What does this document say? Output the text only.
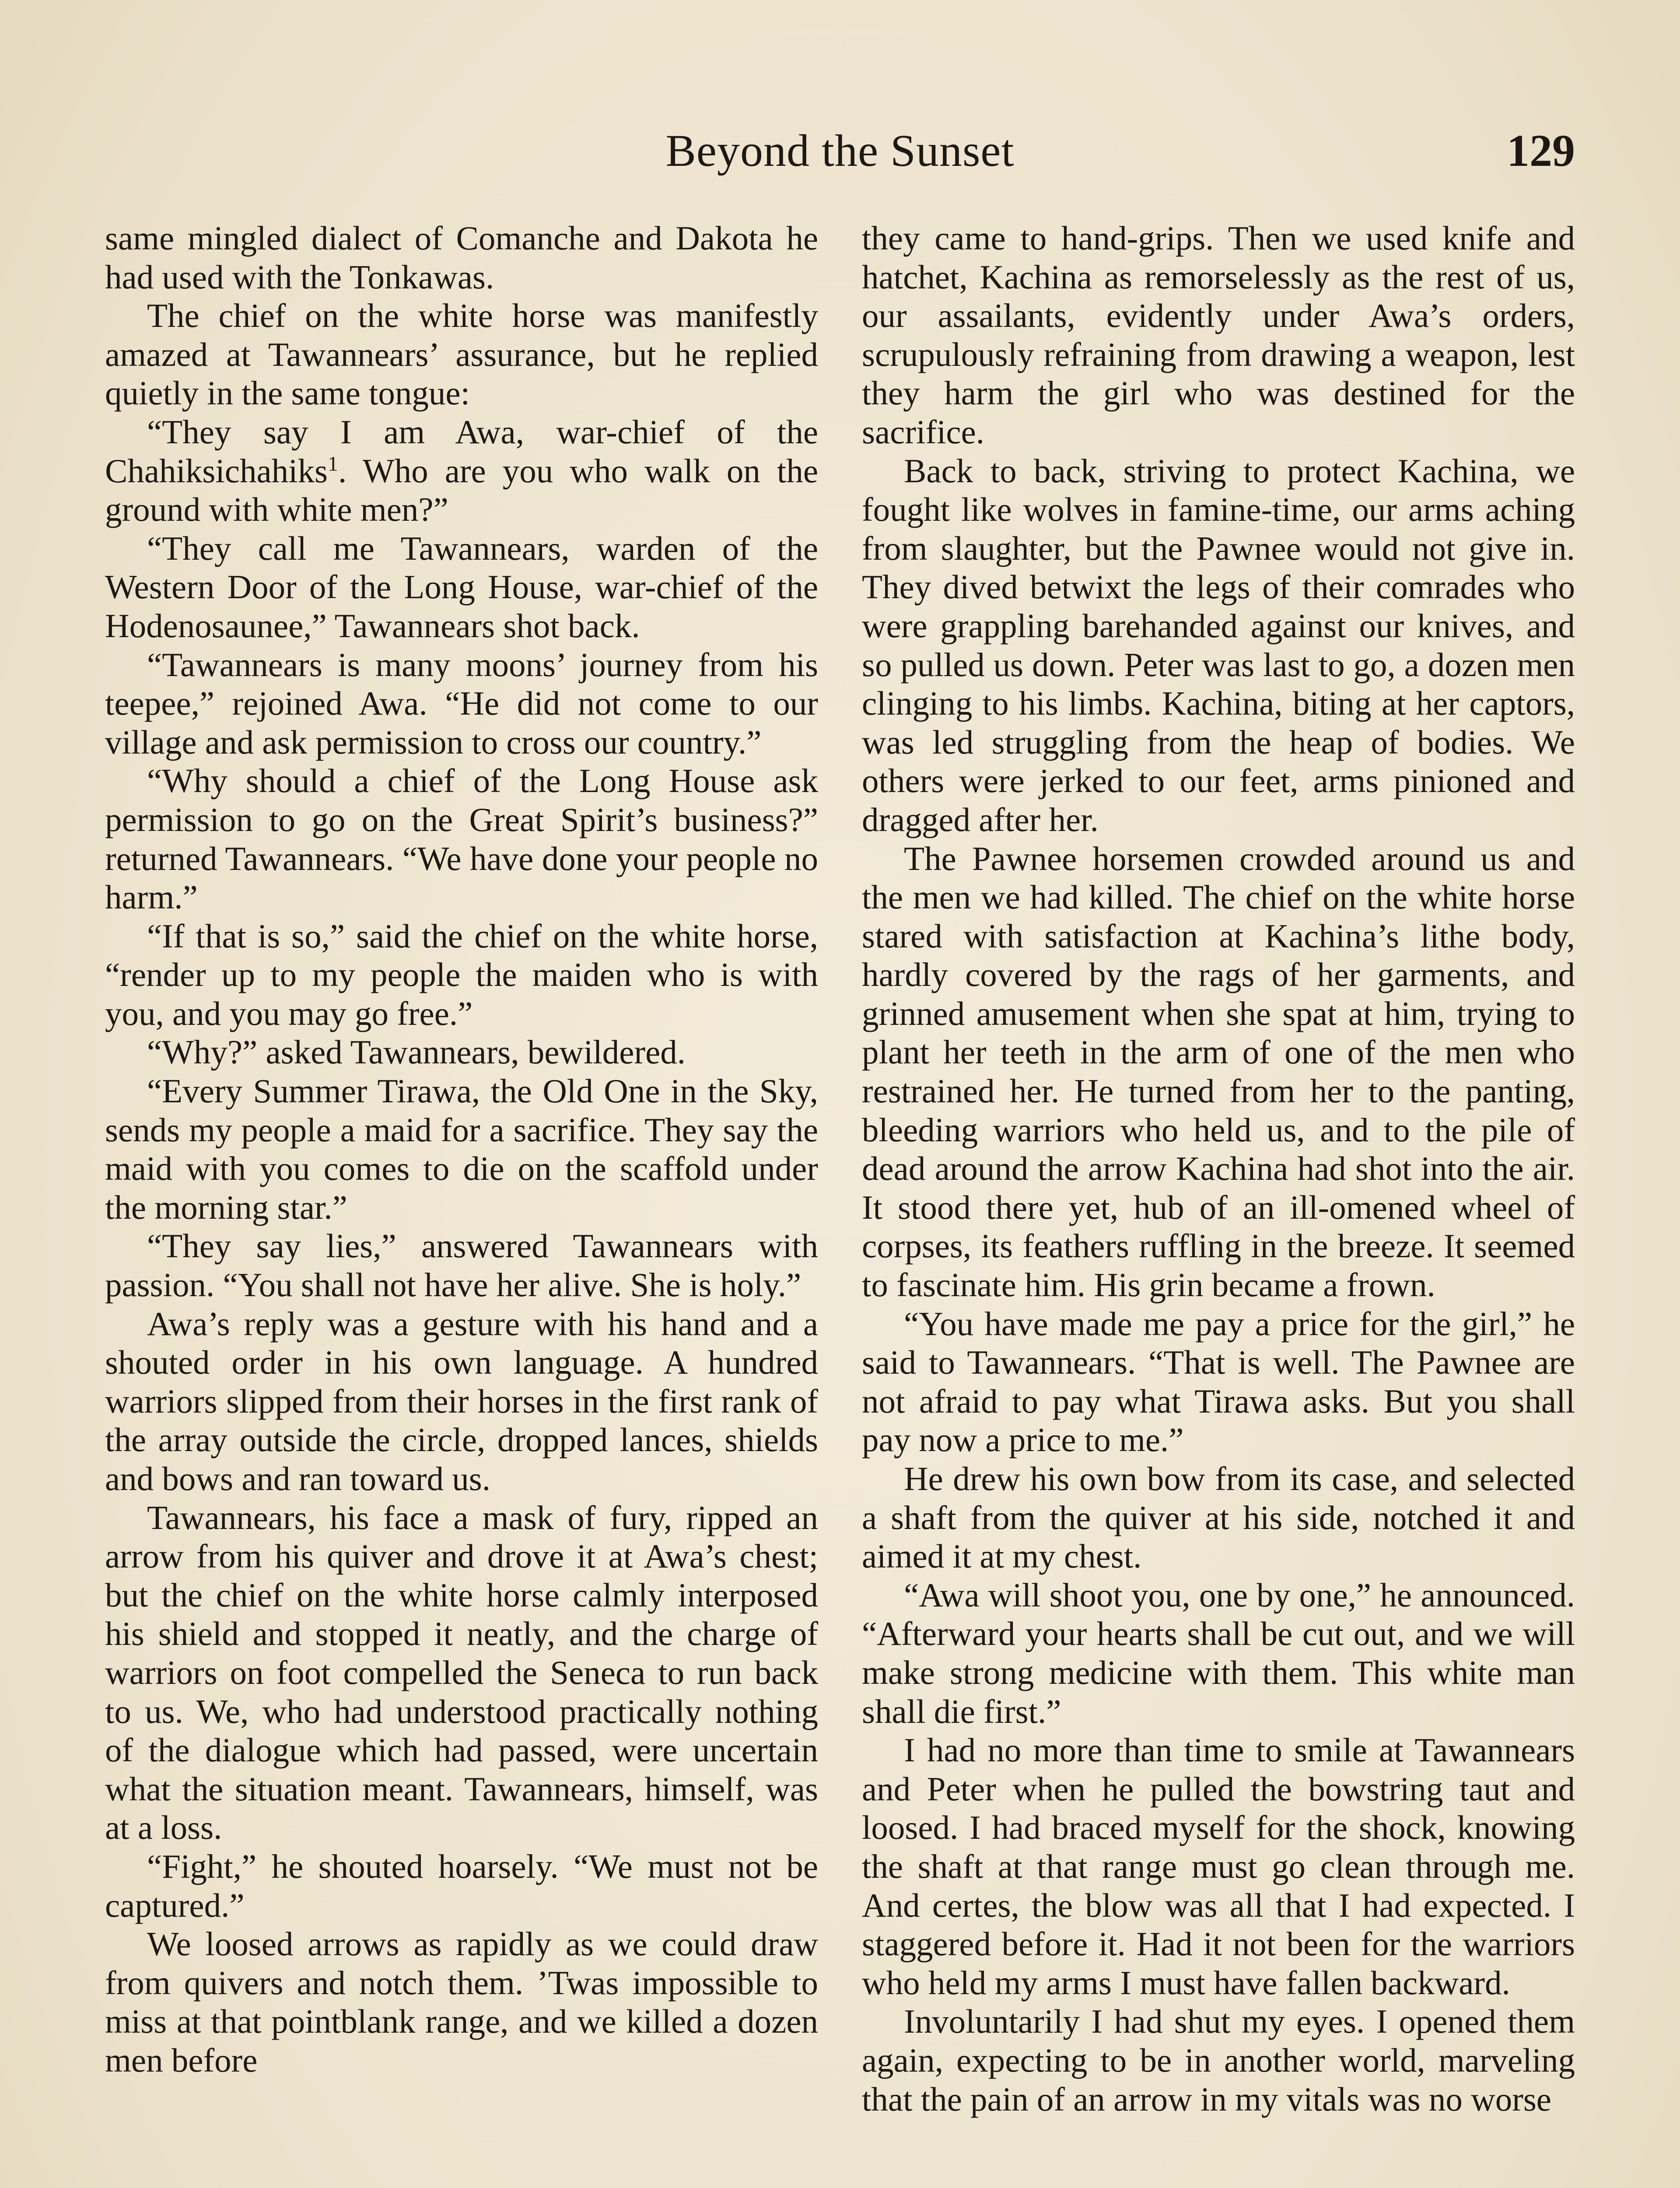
Beyond the Sunset	129

same mingled dialect of Comanche and Dakota he had used with the Tonkawas.

The chief on the white horse was manifestly amazed at Tawannears’ assurance, but he replied quietly in the same tongue:

“They say I am Awa, war-chief of the Chahiksichahiks$^1$. Who are you who walk on the ground with white men?”

“They call me Tawannears, warden of the Western Door of the Long House, war-chief of the Hodenosaunee,” Tawannears shot back.

“Tawannears is many moons’ journey from his teepee,” rejoined Awa. “He did not come to our village and ask permission to cross our country.”

“Why should a chief of the Long House ask permission to go on the Great Spirit’s business?” returned Tawannears. “We have done your people no harm.”

“If that is so,” said the chief on the white horse, “render up to my people the maiden who is with you, and you may go free.”

“Why?” asked Tawannears, bewildered.

“Every Summer Tirawa, the Old One in the Sky, sends my people a maid for a sacrifice. They say the maid with you comes to die on the scaffold under the morning star.”

“They say lies,” answered Tawannears with passion. “You shall not have her alive. She is holy.”

Awa’s reply was a gesture with his hand and a shouted order in his own language. A hundred warriors slipped from their horses in the first rank of the array outside the circle, dropped lances, shields and bows and ran toward us.

Tawannears, his face a mask of fury, ripped an arrow from his quiver and drove it at Awa’s chest; but the chief on the white horse calmly interposed his shield and stopped it neatly, and the charge of warriors on foot compelled the Seneca to run back to us. We, who had understood practically nothing of the dialogue which had passed, were uncertain what the situation meant. Tawannears, himself, was at a loss.

“Fight,” he shouted hoarsely. “We must not be captured.”

We loosed arrows as rapidly as we could draw from quivers and notch them. ’Twas impossible to miss at that pointblank range, and we killed a dozen men before

they came to hand-grips. Then we used knife and hatchet, Kachina as remorselessly as the rest of us, our assailants, evidently under Awa’s orders, scrupulously refraining from drawing a weapon, lest they harm the girl who was destined for the sacrifice.

Back to back, striving to protect Kachina, we fought like wolves in famine-time, our arms aching from slaughter, but the Pawnee would not give in. They dived betwixt the legs of their comrades who were grappling barehanded against our knives, and so pulled us down. Peter was last to go, a dozen men clinging to his limbs. Kachina, biting at her captors, was led struggling from the heap of bodies. We others were jerked to our feet, arms pinioned and dragged after her.

The Pawnee horsemen crowded around us and the men we had killed. The chief on the white horse stared with satisfaction at Kachina’s lithe body, hardly covered by the rags of her garments, and grinned amusement when she spat at him, trying to plant her teeth in the arm of one of the men who restrained her. He turned from her to the panting, bleeding warriors who held us, and to the pile of dead around the arrow Kachina had shot into the air. It stood there yet, hub of an ill-omened wheel of corpses, its feathers ruffling in the breeze. It seemed to fascinate him. His grin became a frown.

“You have made me pay a price for the girl,” he said to Tawannears. “That is well. The Pawnee are not afraid to pay what Tirawa asks. But you shall pay now a price to me.”

He drew his own bow from its case, and selected a shaft from the quiver at his side, notched it and aimed it at my chest.

“Awa will shoot you, one by one,” he announced. “Afterward your hearts shall be cut out, and we will make strong medicine with them. This white man shall die first.”

I had no more than time to smile at Tawannears and Peter when he pulled the bowstring taut and loosed. I had braced myself for the shock, knowing the shaft at that range must go clean through me. And certes, the blow was all that I had expected. I staggered before it. Had it not been for the warriors who held my arms I must have fallen backward.

Involuntarily I had shut my eyes. I opened them again, expecting to be in another world, marveling that the pain of an arrow in my vitals was no worse
